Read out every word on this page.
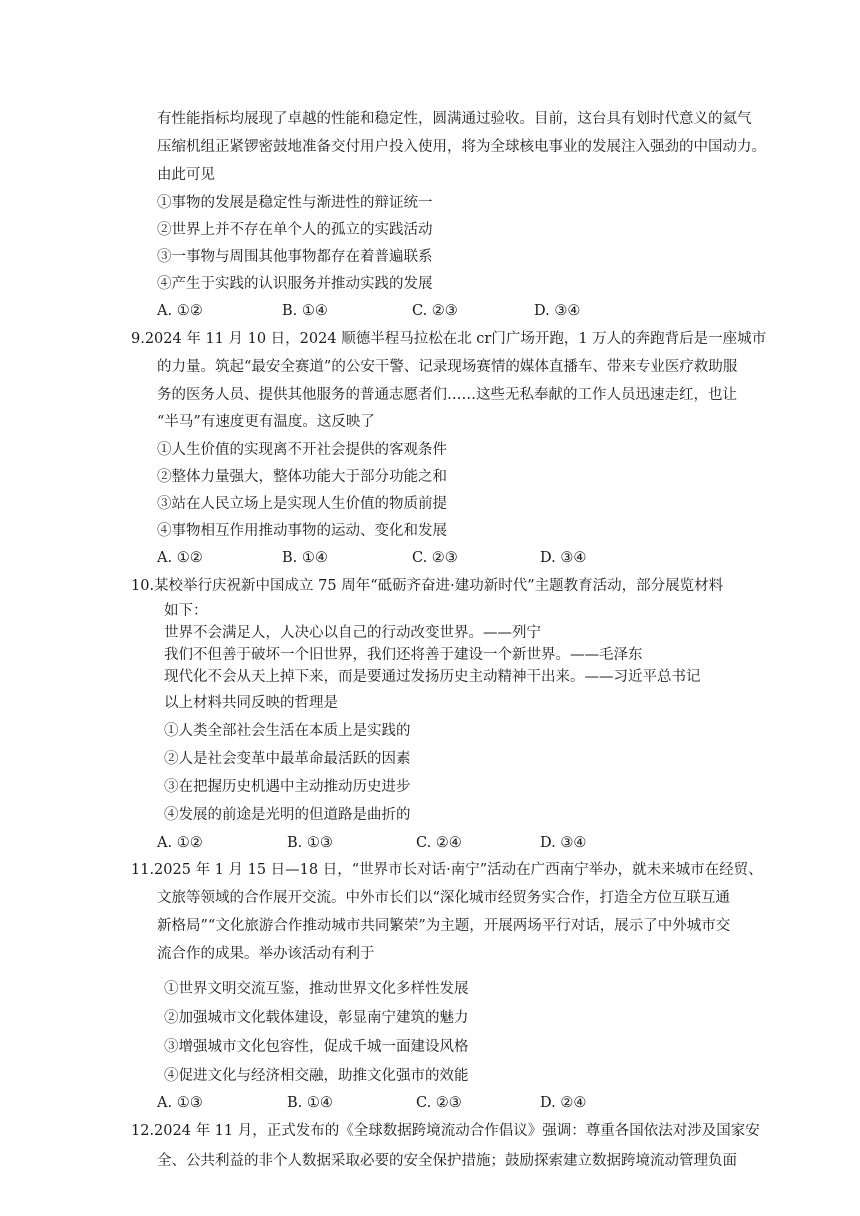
有性能指标均展现了卓越的性能和稳定性，圆满通过验收。目前，这台具有划时代意义的氦气
压缩机组正紧锣密鼓地准备交付用户投入使用，将为全球核电事业的发展注入强劲的中国动力。
由此可见
①事物的发展是稳定性与渐进性的辩证统一
②世界上并不存在单个人的孤立的实践活动
③一事物与周围其他事物都存在着普遍联系
④产生于实践的认识服务并推动实践的发展
A. ①②	B. ①④	C. ②③	D. ③④
9.2024 年 11 月 10 日，2024 顺德半程马拉松在北 cr门广场开跑，1 万人的奔跑背后是一座城市
的力量。筑起“最安全赛道”的公安干警、记录现场赛情的媒体直播车、带来专业医疗救助服
务的医务人员、提供其他服务的普通志愿者们……这些无私奉献的工作人员迅速走红，也让
“半马”有速度更有温度。这反映了
①人生价值的实现离不开社会提供的客观条件
②整体力量强大，整体功能大于部分功能之和
③站在人民立场上是实现人生价值的物质前提
④事物相互作用推动事物的运动、变化和发展
A. ①②	B. ①④	C. ②③	D. ③④
10.某校举行庆祝新中国成立 75 周年“砥砺齐奋进·建功新时代”主题教育活动，部分展览材料
如下：
世界不会满足人，人决心以自己的行动改变世界。——列宁
我们不但善于破坏一个旧世界，我们还将善于建设一个新世界。——毛泽东
现代化不会从天上掉下来，而是要通过发扬历史主动精神干出来。——习近平总书记
以上材料共同反映的哲理是
①人类全部社会生活在本质上是实践的
②人是社会变革中最革命最活跃的因素
③在把握历史机遇中主动推动历史进步
④发展的前途是光明的但道路是曲折的
A. ①②	B. ①③	C. ②④	D. ③④
11.2025 年 1 月 15 日—18 日，“世界市长对话·南宁”活动在广西南宁举办，就未来城市在经贸、
文旅等领域的合作展开交流。中外市长们以“深化城市经贸务实合作，打造全方位互联互通
新格局”“文化旅游合作推动城市共同繁荣”为主题，开展两场平行对话，展示了中外城市交
流合作的成果。举办该活动有利于
①世界文明交流互鉴，推动世界文化多样性发展
②加强城市文化载体建设，彰显南宁建筑的魅力
③增强城市文化包容性，促成千城一面建设风格
④促进文化与经济相交融，助推文化强市的效能
A. ①③	B. ①④	C. ②③	D. ②④
12.2024 年 11 月，正式发布的《全球数据跨境流动合作倡议》强调：尊重各国依法对涉及国家安
全、公共利益的非个人数据采取必要的安全保护措施；鼓励探索建立数据跨境流动管理负面
